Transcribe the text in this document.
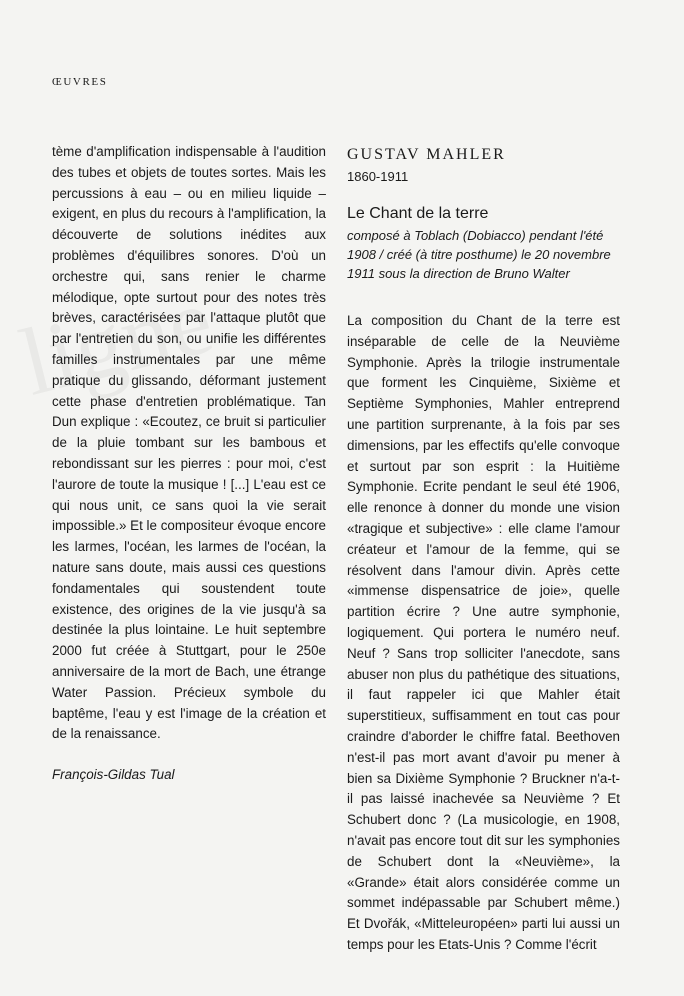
ŒUVRES

tème d'amplification indispensable à l'audition des tubes et objets de toutes sortes. Mais les percussions à eau – ou en milieu liquide – exigent, en plus du recours à l'amplification, la découverte de solutions inédites aux problèmes d'équilibres sonores. D'où un orchestre qui, sans renier le charme mélodique, opte surtout pour des notes très brèves, caractérisées par l'attaque plutôt que par l'entretien du son, ou unifie les différentes familles instrumentales par une même pratique du glissando, déformant justement cette phase d'entretien problématique. Tan Dun explique : «Ecoutez, ce bruit si particulier de la pluie tombant sur les bambous et rebondissant sur les pierres : pour moi, c'est l'aurore de toute la musique ! [...] L'eau est ce qui nous unit, ce sans quoi la vie serait impossible.» Et le compositeur évoque encore les larmes, l'océan, les larmes de l'océan, la nature sans doute, mais aussi ces questions fondamentales qui soustendent toute existence, des origines de la vie jusqu'à sa destinée la plus lointaine. Le huit septembre 2000 fut créée à Stuttgart, pour le 250e anniversaire de la mort de Bach, une étrange Water Passion. Précieux symbole du baptême, l'eau y est l'image de la création et de la renaissance.

François-Gildas Tual
GUSTAV MAHLER
1860-1911
Le Chant de la terre
composé à Toblach (Dobiacco) pendant l'été 1908 / créé (à titre posthume) le 20 novembre 1911 sous la direction de Bruno Walter

La composition du Chant de la terre est inséparable de celle de la Neuvième Symphonie. Après la trilogie instrumentale que forment les Cinquième, Sixième et Septième Symphonies, Mahler entreprend une partition surprenante, à la fois par ses dimensions, par les effectifs qu'elle convoque et surtout par son esprit : la Huitième Symphonie. Ecrite pendant le seul été 1906, elle renonce à donner du monde une vision «tragique et subjective» : elle clame l'amour créateur et l'amour de la femme, qui se résolvent dans l'amour divin. Après cette «immense dispensatrice de joie», quelle partition écrire ? Une autre symphonie, logiquement. Qui portera le numéro neuf. Neuf ? Sans trop solliciter l'anecdote, sans abuser non plus du pathétique des situations, il faut rappeler ici que Mahler était superstitieux, suffisamment en tout cas pour craindre d'aborder le chiffre fatal. Beethoven n'est-il pas mort avant d'avoir pu mener à bien sa Dixième Symphonie ? Bruckner n'a-t-il pas laissé inachevée sa Neuvième ? Et Schubert donc ? (La musicologie, en 1908, n'avait pas encore tout dit sur les symphonies de Schubert dont la «Neuvième», la «Grande» était alors considérée comme un sommet indépassable par Schubert même.) Et Dvořák, «Mitteleuropéen» parti lui aussi un temps pour les Etats-Unis ? Comme l'écrit
